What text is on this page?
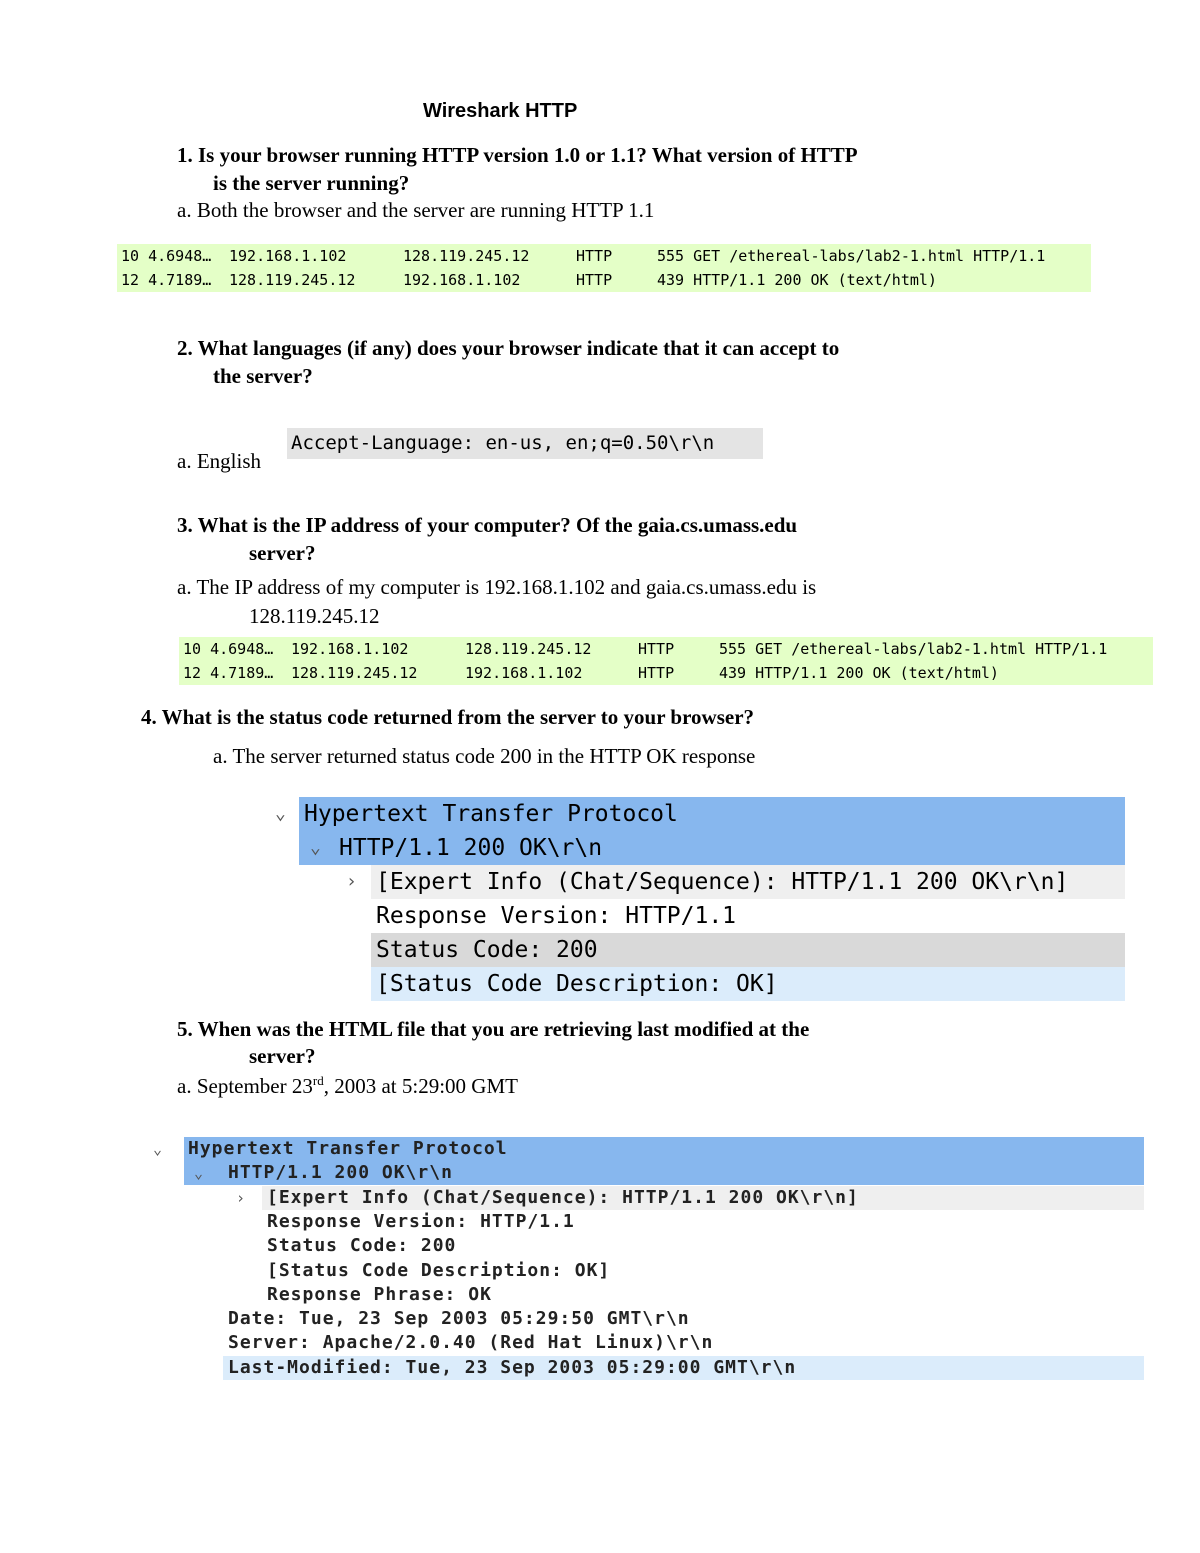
Wireshark HTTP
1. Is your browser running HTTP version 1.0 or 1.1? What version of HTTP
is the server running?
a. Both the browser and the server are running HTTP 1.1
10 4.6948… 192.168.1.102	128.119.245.12	HTTP	555 GET /ethereal-labs/lab2-1.html HTTP/1.1
12 4.7189… 128.119.245.12	192.168.1.102	HTTP	439 HTTP/1.1 200 OK (text/html)
2. What languages (if any) does your browser indicate that it can accept to
the server?
a. English
Accept-Language: en-us, en;q=0.50\r\n
3. What is the IP address of your computer? Of the gaia.cs.umass.edu
server?
a. The IP address of my computer is 192.168.1.102 and gaia.cs.umass.edu is
128.119.245.12
10 4.6948… 192.168.1.102	128.119.245.12	HTTP	555 GET /ethereal-labs/lab2-1.html HTTP/1.1
12 4.7189… 128.119.245.12	192.168.1.102	HTTP	439 HTTP/1.1 200 OK (text/html)
4. What is the status code returned from the server to your browser?
a. The server returned status code 200 in the HTTP OK response
⌄ Hypertext Transfer Protocol
⌄ HTTP/1.1 200 OK\r\n
› [Expert Info (Chat/Sequence): HTTP/1.1 200 OK\r\n]
Response Version: HTTP/1.1
Status Code: 200
[Status Code Description: OK]
5. When was the HTML file that you are retrieving last modified at the
server?
a. September 23rd, 2003 at 5:29:00 GMT
⌄ Hypertext Transfer Protocol
⌄ HTTP/1.1 200 OK\r\n
› [Expert Info (Chat/Sequence): HTTP/1.1 200 OK\r\n]
Response Version: HTTP/1.1
Status Code: 200
[Status Code Description: OK]
Response Phrase: OK
Date: Tue, 23 Sep 2003 05:29:50 GMT\r\n
Server: Apache/2.0.40 (Red Hat Linux)\r\n
Last-Modified: Tue, 23 Sep 2003 05:29:00 GMT\r\n
